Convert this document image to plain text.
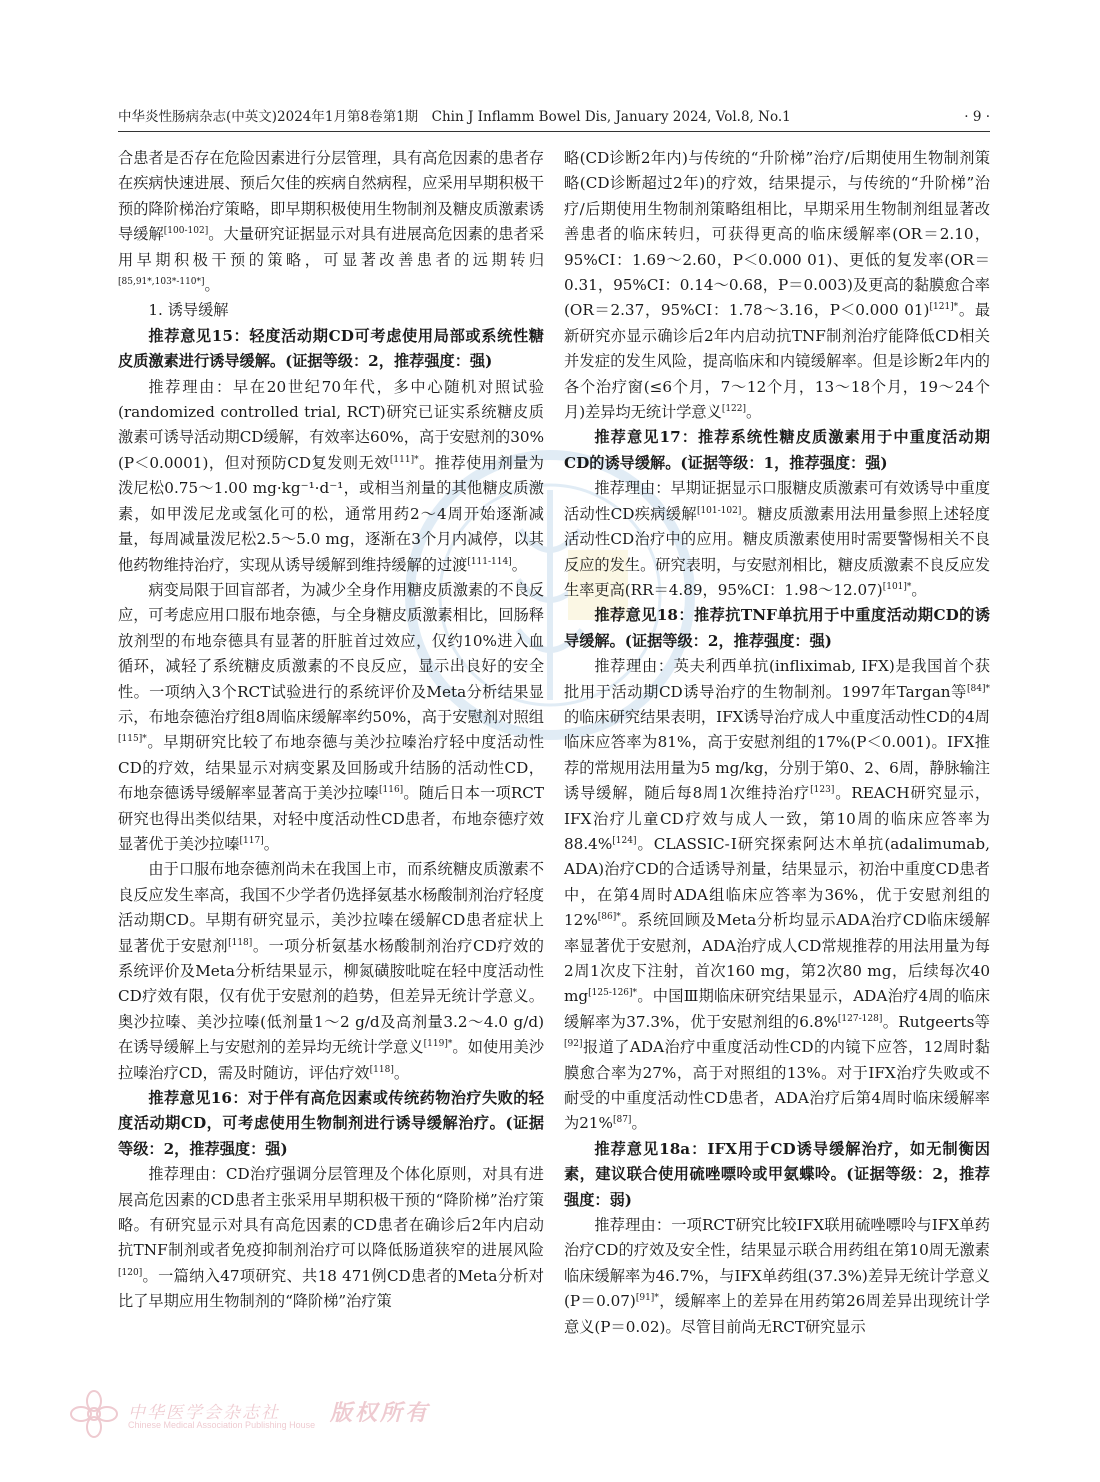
中华炎性肠病杂志(中英文)2024年1月第8卷第1期　Chin J Inflamm Bowel Dis, January 2024, Vol.8, No.1	· 9 ·

合患者是否存在危险因素进行分层管理，具有高危因素的患者存在疾病快速进展、预后欠佳的疾病自然病程，应采用早期积极干预的降阶梯治疗策略，即早期积极使用生物制剂及糖皮质激素诱导缓解[100-102]。大量研究证据显示对具有进展高危因素的患者采用早期积极干预的策略，可显著改善患者的远期转归[85,91*,103*-110*]。

1. 诱导缓解

推荐意见15：轻度活动期CD可考虑使用局部或系统性糖皮质激素进行诱导缓解。(证据等级：2，推荐强度：强)

推荐理由：早在20世纪70年代，多中心随机对照试验(randomized controlled trial, RCT)研究已证实系统糖皮质激素可诱导活动期CD缓解，有效率达60%，高于安慰剂的30%(P＜0.0001)，但对预防CD复发则无效$^{[111]*}$。推荐使用剂量为泼尼松0.75～1.00 mg·kg⁻¹·d⁻¹，或相当剂量的其他糖皮质激素，如甲泼尼龙或氢化可的松，通常用药2～4周开始逐渐减量，每周减量泼尼松2.5～5.0 mg，逐渐在3个月内减停，以其他药物维持治疗，实现从诱导缓解到维持缓解的过渡[111-114]。

病变局限于回盲部者，为减少全身作用糖皮质激素的不良反应，可考虑应用口服布地奈德，与全身糖皮质激素相比，回肠释放剂型的布地奈德具有显著的肝脏首过效应，仅约10%进入血循环，减轻了系统糖皮质激素的不良反应，显示出良好的安全性。一项纳入3个RCT试验进行的系统评价及Meta分析结果显示，布地奈德治疗组8周临床缓解率约50%，高于安慰剂对照组$^{[115]*}$。早期研究比较了布地奈德与美沙拉嗪治疗轻中度活动性CD的疗效，结果显示对病变累及回肠或升结肠的活动性CD，布地奈德诱导缓解率显著高于美沙拉嗪[116]。随后日本一项RCT研究也得出类似结果，对轻中度活动性CD患者，布地奈德疗效显著优于美沙拉嗪[117]。

由于口服布地奈德剂尚未在我国上市，而系统糖皮质激素不良反应发生率高，我国不少学者仍选择氨基水杨酸制剂治疗轻度活动期CD。早期有研究显示，美沙拉嗪在缓解CD患者症状上显著优于安慰剂[118]。一项分析氨基水杨酸制剂治疗CD疗效的系统评价及Meta分析结果显示，柳氮磺胺吡啶在轻中度活动性CD疗效有限，仅有优于安慰剂的趋势，但差异无统计学意义。奥沙拉嗪、美沙拉嗪(低剂量1～2 g/d及高剂量3.2～4.0 g/d)在诱导缓解上与安慰剂的差异均无统计学意义$^{[119]*}$。如使用美沙拉嗪治疗CD，需及时随访，评估疗效[118]。

推荐意见16：对于伴有高危因素或传统药物治疗失败的轻度活动期CD，可考虑使用生物制剂进行诱导缓解治疗。(证据等级：2，推荐强度：强)

推荐理由：CD治疗强调分层管理及个体化原则，对具有进展高危因素的CD患者主张采用早期积极干预的“降阶梯”治疗策略。有研究显示对具有高危因素的CD患者在确诊后2年内启动抗TNF制剂或者免疫抑制剂治疗可以降低肠道狭窄的进展风险[120]。一篇纳入47项研究、共18 471例CD患者的Meta分析对比了早期应用生物制剂的“降阶梯”治疗策

略(CD诊断2年内)与传统的“升阶梯”治疗/后期使用生物制剂策略(CD诊断超过2年)的疗效，结果提示，与传统的“升阶梯”治疗/后期使用生物制剂策略组相比，早期采用生物制剂组显著改善患者的临床转归，可获得更高的临床缓解率(OR＝2.10，95%CI：1.69～2.60，P＜0.000 01)、更低的复发率(OR＝0.31，95%CI：0.14～0.68，P＝0.003)及更高的黏膜愈合率(OR＝2.37，95%CI：1.78～3.16，P＜0.000 01)$^{[121]*}$。最新研究亦显示确诊后2年内启动抗TNF制剂治疗能降低CD相关并发症的发生风险，提高临床和内镜缓解率。但是诊断2年内的各个治疗窗(≤6个月，7～12个月，13～18个月，19～24个月)差异均无统计学意义[122]。

推荐意见17：推荐系统性糖皮质激素用于中重度活动期CD的诱导缓解。(证据等级：1，推荐强度：强)

推荐理由：早期证据显示口服糖皮质激素可有效诱导中重度活动性CD疾病缓解[101-102]。糖皮质激素用法用量参照上述轻度活动性CD治疗中的应用。糖皮质激素使用时需要警惕相关不良反应的发生。研究表明，与安慰剂相比，糖皮质激素不良反应发生率更高(RR＝4.89，95%CI：1.98～12.07)$^{[101]*}$。

推荐意见18：推荐抗TNF单抗用于中重度活动期CD的诱导缓解。(证据等级：2，推荐强度：强)

推荐理由：英夫利西单抗(infliximab, IFX)是我国首个获批用于活动期CD诱导治疗的生物制剂。1997年Targan等$^{[84]*}$的临床研究结果表明，IFX诱导治疗成人中重度活动性CD的4周临床应答率为81%，高于安慰剂组的17%(P＜0.001)。IFX推荐的常规用法用量为5 mg/kg，分别于第0、2、6周，静脉输注诱导缓解，随后每8周1次维持治疗[123]。REACH研究显示，IFX治疗儿童CD疗效与成人一致，第10周的临床应答率为88.4%[124]。CLASSIC-Ⅰ研究探索阿达木单抗(adalimumab, ADA)治疗CD的合适诱导剂量，结果显示，初治中重度CD患者中，在第4周时ADA组临床应答率为36%，优于安慰剂组的12%$^{[86]*}$。系统回顾及Meta分析均显示ADA治疗CD临床缓解率显著优于安慰剂，ADA治疗成人CD常规推荐的用法用量为每2周1次皮下注射，首次160 mg，第2次80 mg，后续每次40 $mg^{[125-126]*}$。中国Ⅲ期临床研究结果显示，ADA治疗4周的临床缓解率为37.3%，优于安慰剂组的6.8%[127-128]。Rutgeerts等[92]报道了ADA治疗中重度活动性CD的内镜下应答，12周时黏膜愈合率为27%，高于对照组的13%。对于IFX治疗失败或不耐受的中重度活动性CD患者，ADA治疗后第4周时临床缓解率为21%[87]。

推荐意见18a：IFX用于CD诱导缓解治疗，如无制衡因素，建议联合使用硫唑嘌呤或甲氨蝶呤。(证据等级：2，推荐强度：弱)

推荐理由：一项RCT研究比较IFX联用硫唑嘌呤与IFX单药治疗CD的疗效及安全性，结果显示联合用药组在第10周无激素临床缓解率为46.7%，与IFX单药组(37.3%)差异无统计学意义(P＝0.07)$^{[91]*}$，缓解率上的差异在用药第26周差异出现统计学意义(P＝0.02)。尽管目前尚无RCT研究显示

中华医学会杂志社
Chinese Medical Association Publishing House 版权所有
